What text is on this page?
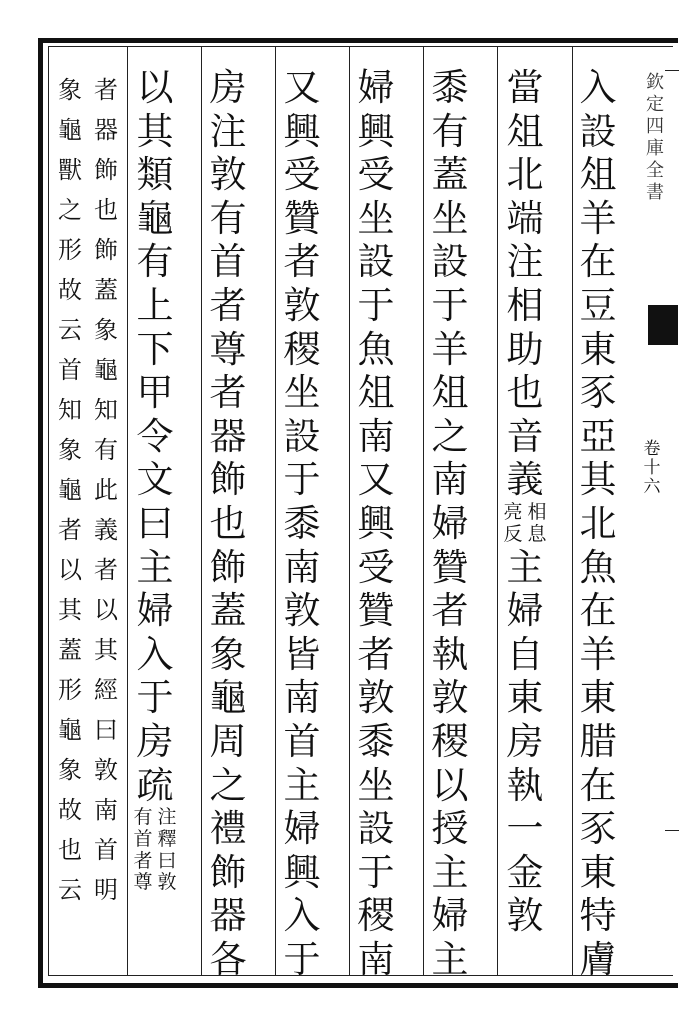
欽
定
四
庫
全
書
卷
十
六
入
設
俎
羊
在
豆
東
豕
亞
其
北
魚
在
羊
東
腊
在
豕
東
特
膚
當
俎
北
端
注
相
助
也
音
義
相
息
亮
反
主
婦
自
東
房
執
一
金
敦
黍
有
蓋
坐
設
于
羊
俎
之
南
婦
贊
者
執
敦
稷
以
授
主
婦
主
婦
興
受
坐
設
于
魚
俎
南
又
興
受
贊
者
敦
黍
坐
設
于
稷
南
又
興
受
贊
者
敦
稷
坐
設
于
黍
南
敦
皆
南
首
主
婦
興
入
于
房
注
敦
有
首
者
尊
者
器
飾
也
飾
蓋
象
龜
周
之
禮
飾
器
各
以
其
類
龜
有
上
下
甲
令
文
曰
主
婦
入
于
房
疏
注
釋
曰
敦
有
首
者
尊
者
器
飾
也
飾
蓋
象
龜
知
有
此
義
者
以
其
經
曰
敦
南
首
明
象
龜
獸
之
形
故
云
首
知
象
龜
者
以
其
蓋
形
龜
象
故
也
云
